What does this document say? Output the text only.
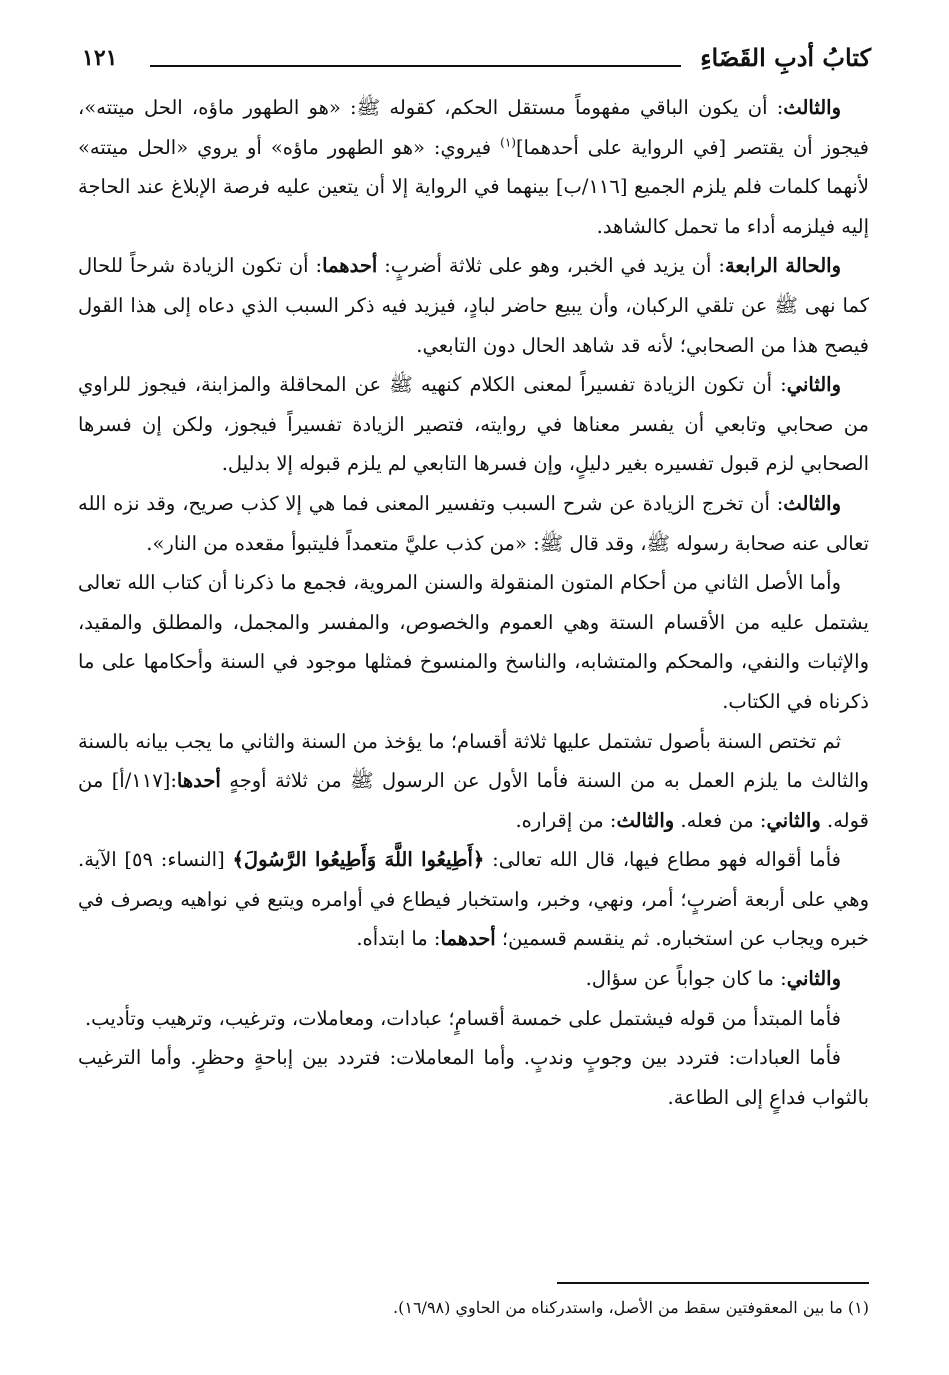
كتابُ أدبِ القَضَاءِ
١٢١

والثالث: أن يكون الباقي مفهوماً مستقل الحكم، كقوله ﷺ: «هو الطهور ماؤه، الحل ميتته»، فيجوز أن يقتصر [في الرواية على أحدهما]$^{(١)}$ فيروي: «هو الطهور ماؤه» أو يروي «الحل ميتته» لأنهما كلمات فلم يلزم الجميع [١١٦/ب] بينهما في الرواية إلا أن يتعين عليه فرصة الإبلاغ عند الحاجة إليه فيلزمه أداء ما تحمل كالشاهد.

والحالة الرابعة: أن يزيد في الخبر، وهو على ثلاثة أضربٍ: أحدهما: أن تكون الزيادة شرحاً للحال كما نهى ﷺ عن تلقي الركبان، وأن يبيع حاضر لبادٍ، فيزيد فيه ذكر السبب الذي دعاه إلى هذا القول فيصح هذا من الصحابي؛ لأنه قد شاهد الحال دون التابعي.

والثاني: أن تكون الزيادة تفسيراً لمعنى الكلام كنهيه ﷺ عن المحاقلة والمزابنة، فيجوز للراوي من صحابي وتابعي أن يفسر معناها في روايته، فتصير الزيادة تفسيراً فيجوز، ولكن إن فسرها الصحابي لزم قبول تفسيره بغير دليلٍ، وإن فسرها التابعي لم يلزم قبوله إلا بدليل.

والثالث: أن تخرج الزيادة عن شرح السبب وتفسير المعنى فما هي إلا كذب صريح، وقد نزه الله تعالى عنه صحابة رسوله ﷺ، وقد قال ﷺ: «من كذب عليَّ متعمداً فليتبوأ مقعده من النار».

وأما الأصل الثاني من أحكام المتون المنقولة والسنن المروية، فجمع ما ذكرنا أن كتاب الله تعالى يشتمل عليه من الأقسام الستة وهي العموم والخصوص، والمفسر والمجمل، والمطلق والمقيد، والإثبات والنفي، والمحكم والمتشابه، والناسخ والمنسوخ فمثلها موجود في السنة وأحكامها على ما ذكرناه في الكتاب.

ثم تختص السنة بأصول تشتمل عليها ثلاثة أقسام؛ ما يؤخذ من السنة والثاني ما يجب بيانه بالسنة والثالث ما يلزم العمل به من السنة فأما الأول عن الرسول ﷺ من ثلاثة أوجهٍ أحدها:[١١٧/أ] من قوله. والثاني: من فعله. والثالث: من إقراره.

فأما أقواله فهو مطاع فيها، قال الله تعالى: ﴿أَطِيعُوا اللَّهَ وَأَطِيعُوا الرَّسُولَ﴾ [النساء: ٥٩] الآية. وهي على أربعة أضربٍ؛ أمر، ونهي، وخبر، واستخبار فيطاع في أوامره ويتبع في نواهيه ويصرف في خبره ويجاب عن استخباره. ثم ينقسم قسمين؛ أحدهما: ما ابتدأه.

والثاني: ما كان جواباً عن سؤال.

فأما المبتدأ من قوله فيشتمل على خمسة أقسامٍ؛ عبادات، ومعاملات، وترغيب، وترهيب وتأديب.

فأما العبادات: فتردد بين وجوبٍ وندبٍ. وأما المعاملات: فتردد بين إباحةٍ وحظرٍ. وأما الترغيب بالثواب فداعٍ إلى الطاعة.

(١) ما بين المعقوفتين سقط من الأصل، واستدركناه من الحاوي (١٦/٩٨).
